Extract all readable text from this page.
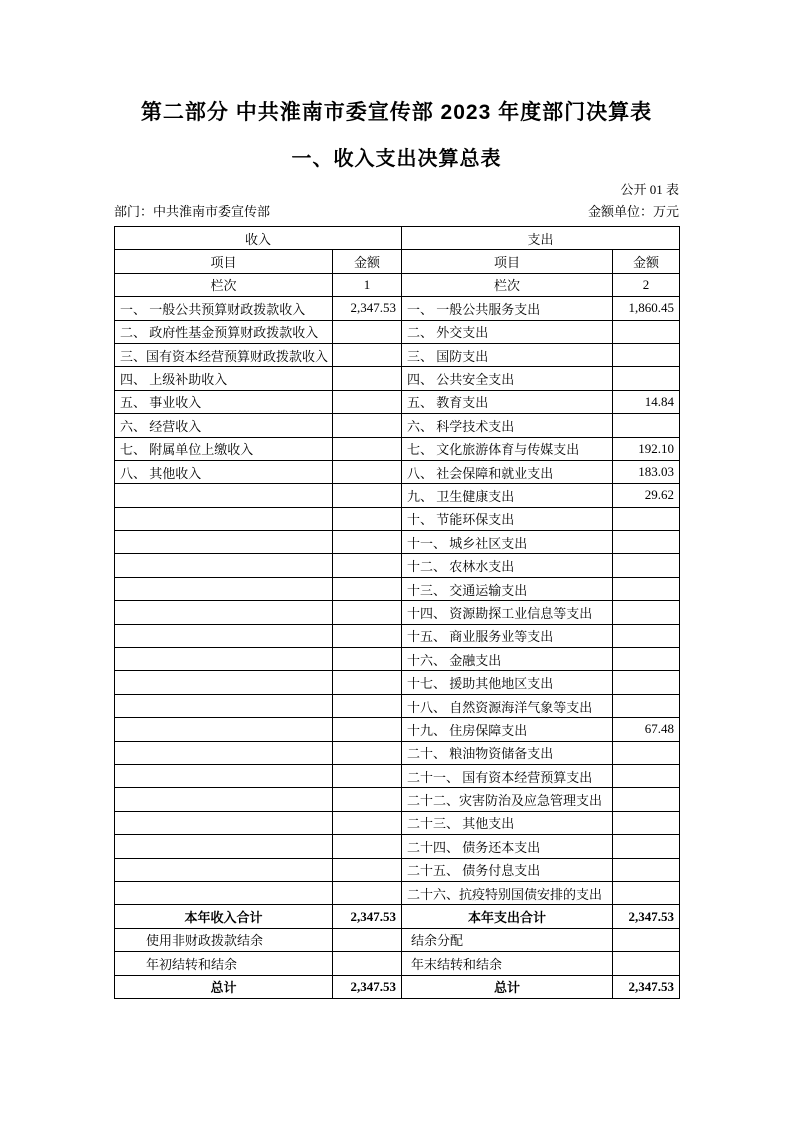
第二部分 中共淮南市委宣传部 2023 年度部门决算表
一、收入支出决算总表
公开 01 表
部门：中共淮南市委宣传部	金额单位：万元
收入		支出	
项目	金额	项目	金额
栏次	1	栏次	2
一、 一般公共预算财政拨款收入	2,347.53	一、 一般公共服务支出	1,860.45
二、 政府性基金预算财政拨款收入		二、 外交支出	
三、国有资本经营预算财政拨款收入		三、 国防支出	
四、 上级补助收入		四、 公共安全支出	
五、 事业收入		五、 教育支出	14.84
六、 经营收入		六、 科学技术支出	
七、 附属单位上缴收入		七、 文化旅游体育与传媒支出	192.10
八、 其他收入		八、 社会保障和就业支出	183.03
		九、 卫生健康支出	29.62
		十、 节能环保支出	
		十一、 城乡社区支出	
		十二、 农林水支出	
		十三、 交通运输支出	
		十四、 资源勘探工业信息等支出	
		十五、 商业服务业等支出	
		十六、 金融支出	
		十七、 援助其他地区支出	
		十八、 自然资源海洋气象等支出	
		十九、 住房保障支出	67.48
		二十、 粮油物资储备支出	
		二十一、 国有资本经营预算支出	
		二十二、灾害防治及应急管理支出	
		二十三、 其他支出	
		二十四、 债务还本支出	
		二十五、 债务付息支出	
		二十六、抗疫特别国债安排的支出	
本年收入合计	2,347.53	本年支出合计	2,347.53
使用非财政拨款结余		结余分配	
年初结转和结余		年末结转和结余	
总计	2,347.53	总计	2,347.53
